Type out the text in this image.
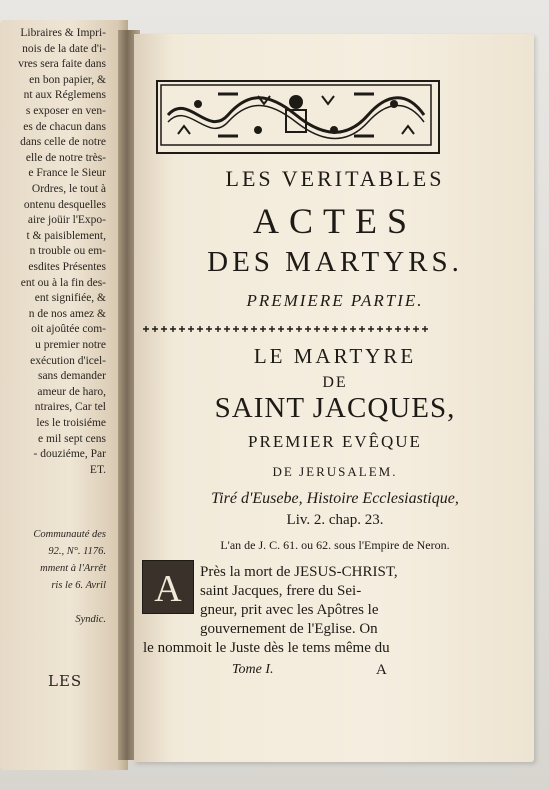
Libraires & Impri-
nois de la date d'i-
vres sera faite dans
en bon papier, &
nt aux Réglemens
s exposer en ven-
es de chacun dans
dans celle de notre
elle de notre très-
e France le Sieur
Ordres, le tout à
ontenu desquelles
aire joüir l'Expo-
t & paisiblement,
n trouble ou em-
esdites Présentes
ent ou à la fin des-
ent signifiée, &
n de nos amez &
oit ajoûtée com-
u premier notre
exécution d'icel-
sans demander
ameur de haro,
ntraires, Car tel
les le troisiéme
e mil sept cens
- douziéme, Par
ET.
Communauté des
92., N°. 1176.
mment à l'Arrêt
ris le 6. Avril
Syndic.
LES
LES VERITABLES
ACTES
DES MARTYRS.
PREMIERE PARTIE.
LE MARTYRE
DE
SAINT JACQUES,
PREMIER EVÊQUE
DE JERUSALEM.
Tiré d'Eusebe, Histoire Ecclesiastique,
Liv. 2. chap. 23.
L'an de J. C. 61. ou 62. sous l'Empire de Neron.
A	Près la mort de JESUS-CHRIST,
saint Jacques, frere du Sei-
gneur, prit avec les Apôtres le
gouvernement de l'Eglise. On
le nommoit le Juste dès le tems même du
Tome I.	A
